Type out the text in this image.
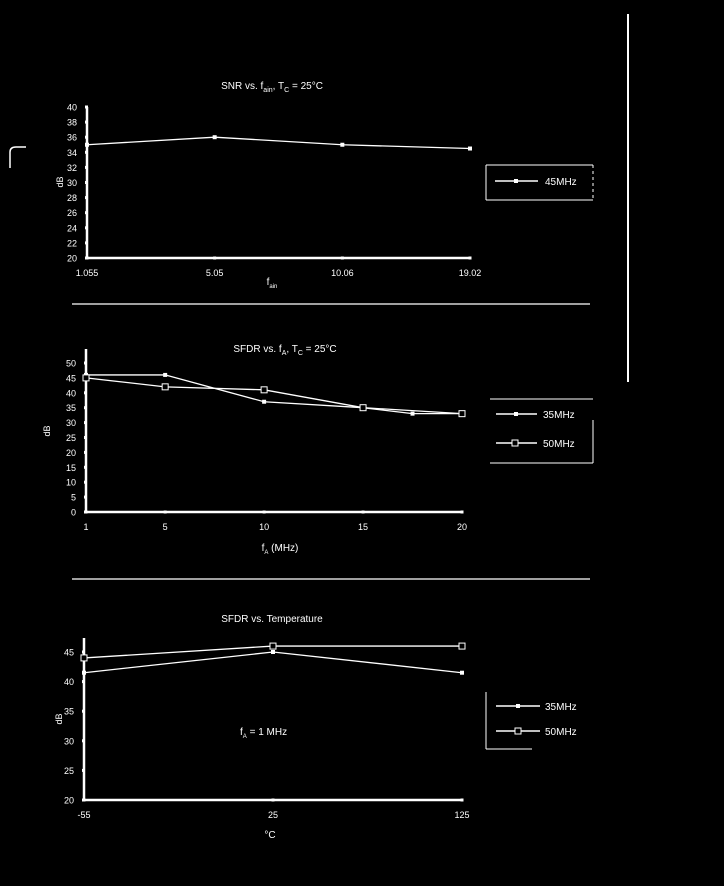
SNR vs. $f_{ain}$, $T_C = 25^\circ C$
20
22
24
26
28
30
32
34
36
38
40
1.055	5.05	10.06	19.02
dB
$f_{ain}$
45MHz
SFDR vs. $f_A$, $T_C = 25^\circ C$
0
5
10
15
20
25
30
35
40
45
50
1	5	10	15	20
dB
$f_A$ (MHz)
35MHz
50MHz
SFDR vs. Temperature
20
25
30
35
40
45
-55	25	125
dB
°C
$f_A = 1$ MHz
35MHz
50MHz
